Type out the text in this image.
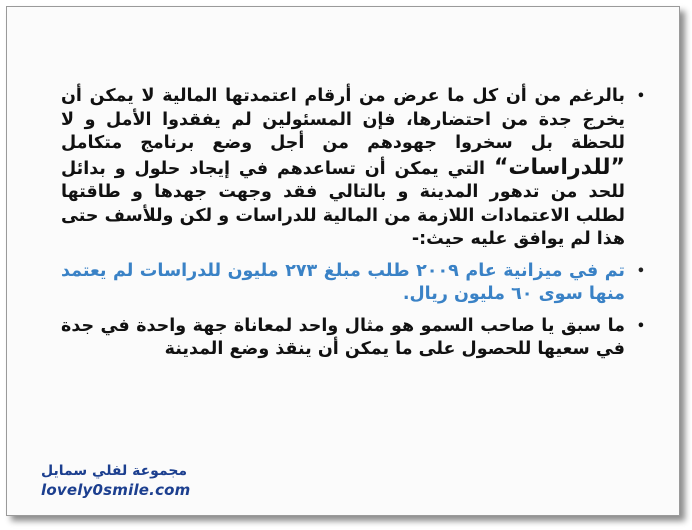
•
بالرغم من أن كل ما عرض من أرقام اعتمدتها المالية لا يمكن أن يخرج جدة من احتضارها، فإن المسئولين لم يفقدوا الأمل و لا للحظة بل سخروا جهودهم من أجل وضع برنامج متكامل ”للدراسات“ التي يمكن أن تساعدهم في إيجاد حلول و بدائل للحد من تدهور المدينة و بالتالي فقد وجهت جهدها و طاقتها لطلب الاعتمادات اللازمة من المالية للدراسات و لكن وللأسف حتى هذا لم يوافق عليه حيث:-
•
تم في ميزانية عام ٢٠٠٩ طلب مبلغ ٢٧٣ مليون للدراسات لم يعتمد منها سوى ٦٠ مليون ريال.
•
ما سبق يا صاحب السمو هو مثال واحد لمعاناة جهة واحدة في جدة في سعيها للحصول على ما يمكن أن ينقذ وضع المدينة
مجموعة لفلي سمايل
lovely0smile.com
